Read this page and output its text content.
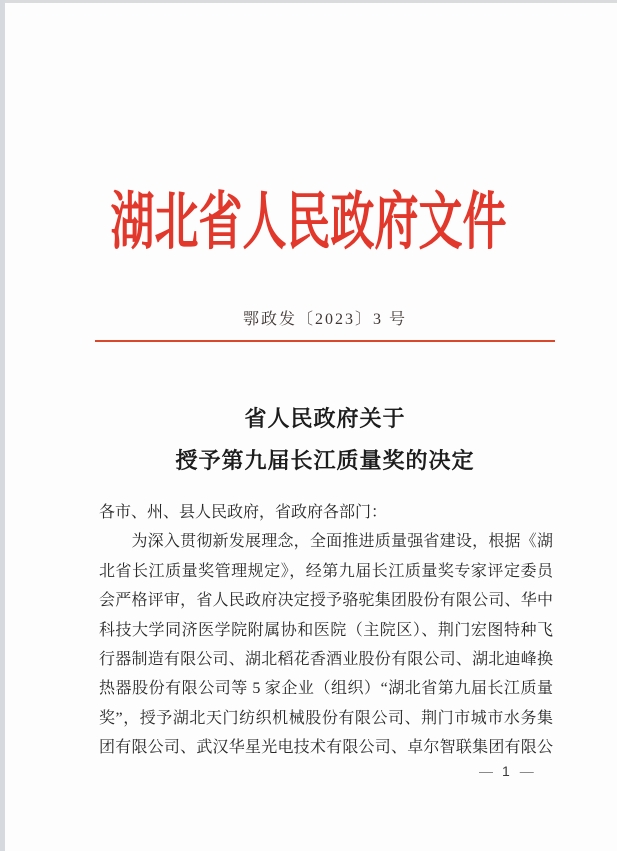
湖北省人民政府文件
鄂政发〔2023〕3 号
省人民政府关于
授予第九届长江质量奖的决定
各市、州、县人民政府，省政府各部门：
　　为深入贯彻新发展理念，全面推进质量强省建设，根据《湖
北省长江质量奖管理规定》，经第九届长江质量奖专家评定委员
会严格评审，省人民政府决定授予骆驼集团股份有限公司、华中
科技大学同济医学院附属协和医院（主院区）、荆门宏图特种飞
行器制造有限公司、湖北稻花香酒业股份有限公司、湖北迪峰换
热器股份有限公司等 5 家企业（组织）“湖北省第九届长江质量
奖”，授予湖北天门纺织机械股份有限公司、荆门市城市水务集
团有限公司、武汉华星光电技术有限公司、卓尔智联集团有限公
— 1 —
